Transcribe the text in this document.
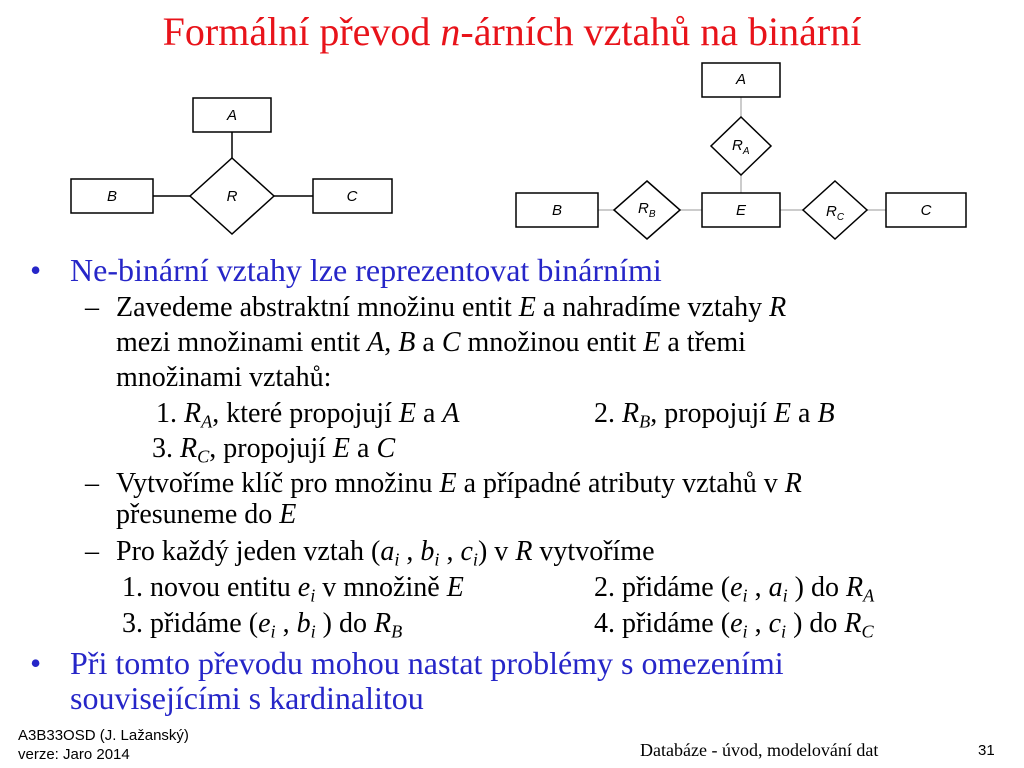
Formální převod n-árních vztahů na binární
A
B	C
R
A
B	E	C
$R_A$
$R_B$	$R_C$
• Ne-binární vztahy lze reprezentovat binárními
– Zavedeme abstraktní množinu entit E a nahradíme vztahy R
mezi množinami entit A, B a C množinou entit E a třemi
množinami vztahů:
1. $R_A$, které propojují E a A	2. $R_B$, propojují E a B
3. $R_C$, propojují E a C
– Vytvoříme klíč pro množinu E a případné atributy vztahů v R
přesuneme do E
– Pro každý jeden vztah ($a_i$ , $b_i$ , $c_i$) v R vytvoříme
1. novou entitu $e_i$ v množině E	2. přidáme ($e_i$ , $a_i$ ) do $R_A$
3. přidáme ($e_i$ , $b_i$ ) do $R_B$	4. přidáme ($e_i$ , $c_i$ ) do $R_C$
• Při tomto převodu mohou nastat problémy s omezeními
souvisejícími s kardinalitou
A3B33OSD (J. Lažanský)
verze: Jaro 2014	Databáze - úvod, modelování dat	31
